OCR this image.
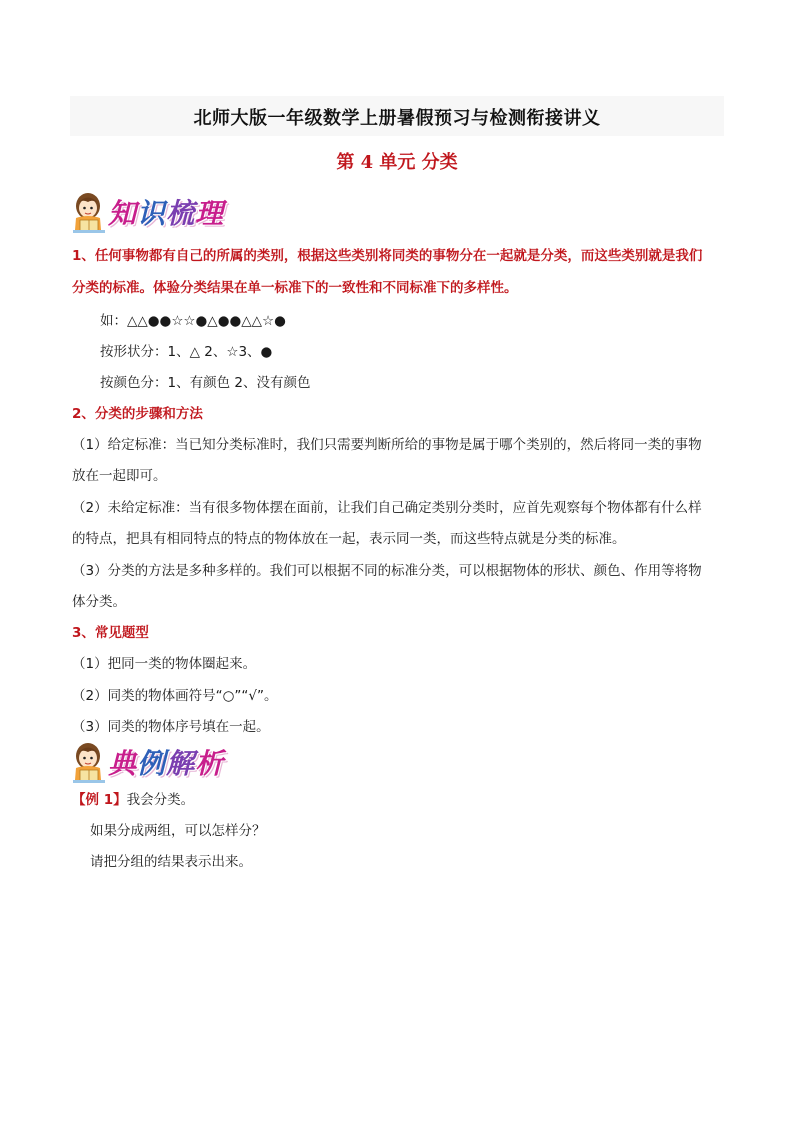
北师大版一年级数学上册暑假预习与检测衔接讲义
第 4 单元 分类
知识梳理
1、任何事物都有自己的所属的类别，根据这些类别将同类的事物分在一起就是分类，而这些类别就是我们
分类的标准。体验分类结果在单一标准下的一致性和不同标准下的多样性。
如：△△●●☆☆●△●●△△☆●
按形状分：1、△ 2、☆3、●
按颜色分：1、有颜色 2、没有颜色
2、分类的步骤和方法
（1）给定标准：当已知分类标准时，我们只需要判断所给的事物是属于哪个类别的，然后将同一类的事物
放在一起即可。
（2）未给定标准：当有很多物体摆在面前，让我们自己确定类别分类时，应首先观察每个物体都有什么样
的特点，把具有相同特点的特点的物体放在一起，表示同一类，而这些特点就是分类的标准。
（3）分类的方法是多种多样的。我们可以根据不同的标准分类，可以根据物体的形状、颜色、作用等将物
体分类。
3、常见题型
（1）把同一类的物体圈起来。
（2）同类的物体画符号“○”“√”。
（3）同类的物体序号填在一起。
典例解析
【例 1】我会分类。
如果分成两组，可以怎样分？
请把分组的结果表示出来。
